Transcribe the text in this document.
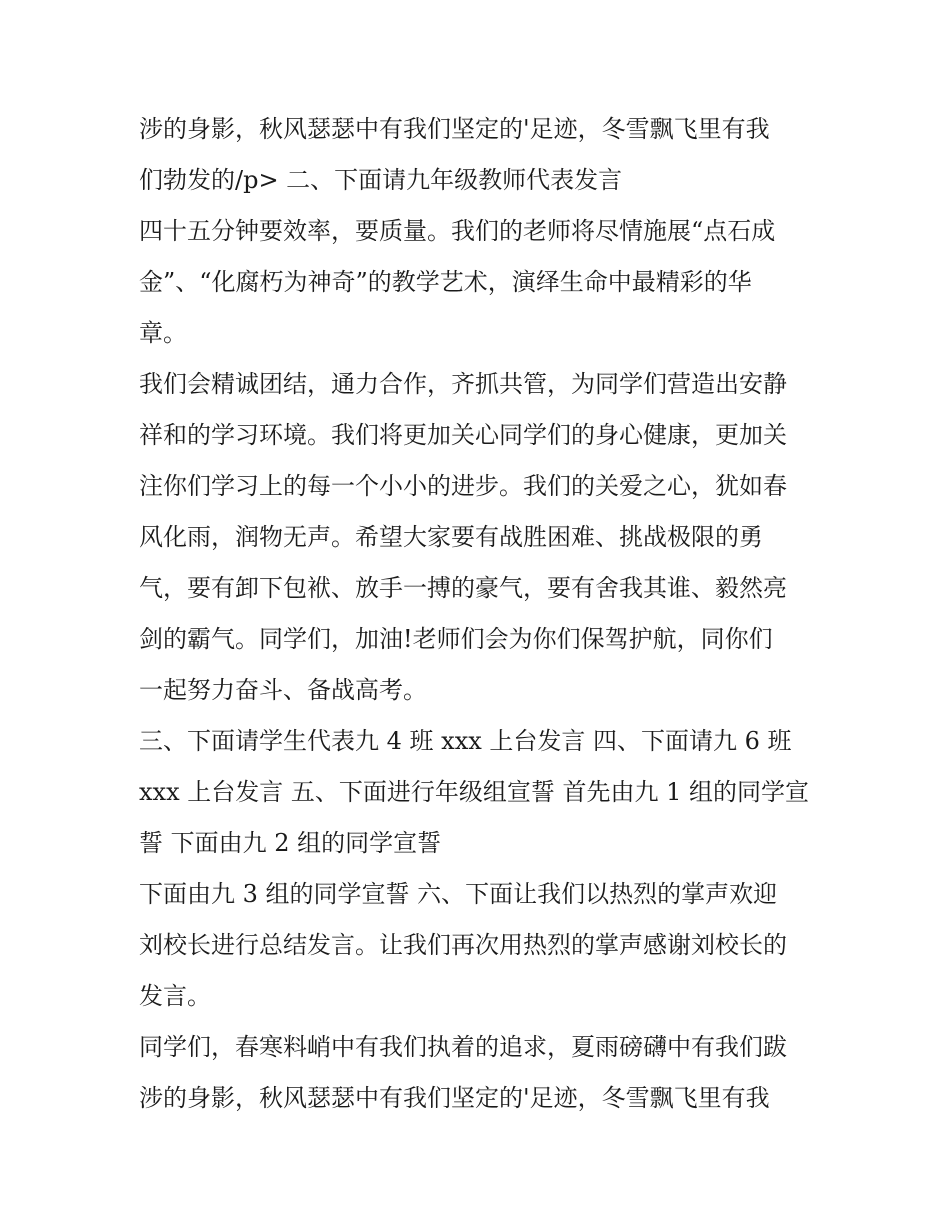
涉的身影，秋风瑟瑟中有我们坚定的'足迹，冬雪飘飞里有我
们勃发的/p> 二、下面请九年级教师代表发言
四十五分钟要效率，要质量。我们的老师将尽情施展“点石成
金”、“化腐朽为神奇”的教学艺术，演绎生命中最精彩的华
章。
我们会精诚团结，通力合作，齐抓共管，为同学们营造出安静
祥和的学习环境。我们将更加关心同学们的身心健康，更加关
注你们学习上的每一个小小的进步。我们的关爱之心，犹如春
风化雨，润物无声。希望大家要有战胜困难、挑战极限的勇
气，要有卸下包袱、放手一搏的豪气，要有舍我其谁、毅然亮
剑的霸气。同学们，加油!老师们会为你们保驾护航，同你们
一起努力奋斗、备战高考。
三、下面请学生代表九 4 班 xxx 上台发言 四、下面请九 6 班
xxx 上台发言 五、下面进行年级组宣誓 首先由九 1 组的同学宣
誓 下面由九 2 组的同学宣誓
下面由九 3 组的同学宣誓 六、下面让我们以热烈的掌声欢迎
刘校长进行总结发言。让我们再次用热烈的掌声感谢刘校长的
发言。
同学们，春寒料峭中有我们执着的追求，夏雨磅礴中有我们跋
涉的身影，秋风瑟瑟中有我们坚定的'足迹，冬雪飘飞里有我
